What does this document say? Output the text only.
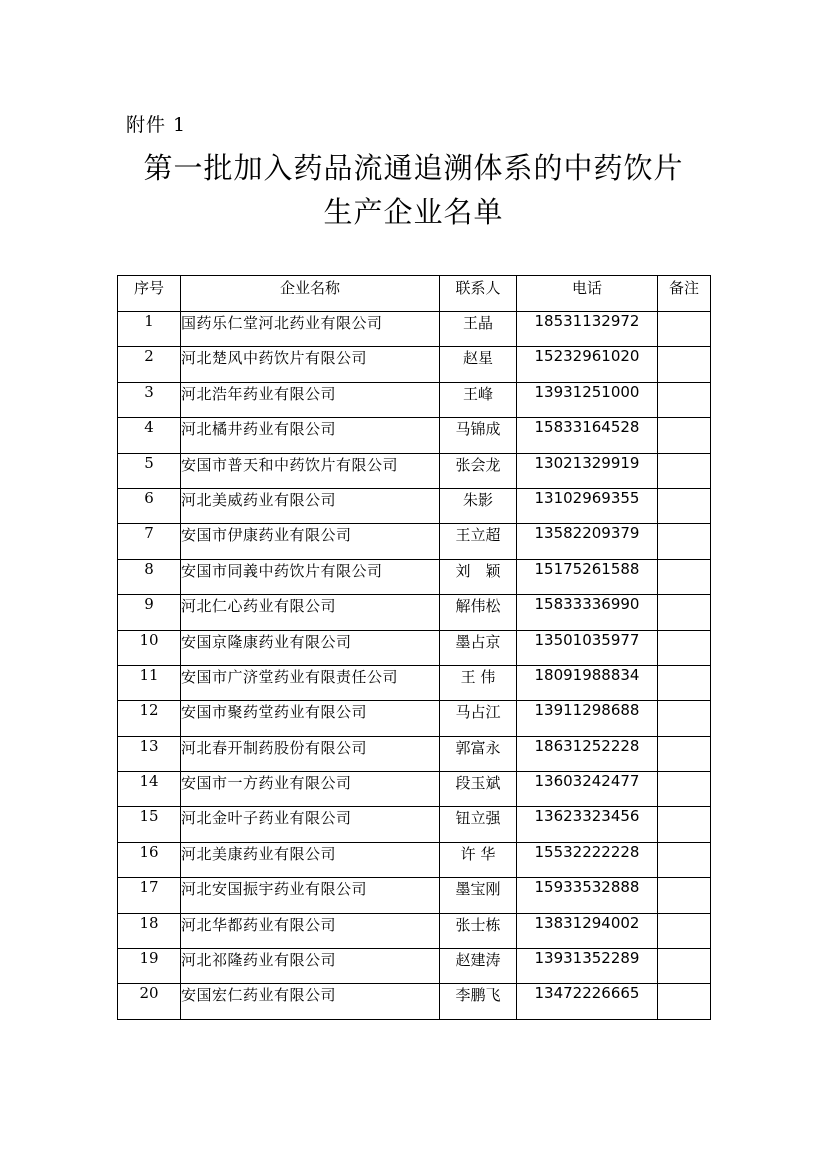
附件 1
第一批加入药品流通追溯体系的中药饮片
生产企业名单
序号	企业名称	联系人	电话	备注
1	国药乐仁堂河北药业有限公司	王晶	18531132972	
2	河北楚风中药饮片有限公司	赵星	15232961020	
3	河北浩年药业有限公司	王峰	13931251000	
4	河北橘井药业有限公司	马锦成	15833164528	
5	安国市普天和中药饮片有限公司	张会龙	13021329919	
6	河北美威药业有限公司	朱影	13102969355	
7	安国市伊康药业有限公司	王立超	13582209379	
8	安国市同義中药饮片有限公司	刘　颖	15175261588	
9	河北仁心药业有限公司	解伟松	15833336990	
10	安国京隆康药业有限公司	墨占京	13501035977	
11	安国市广济堂药业有限责任公司	王 伟	18091988834	
12	安国市聚药堂药业有限公司	马占江	13911298688	
13	河北春开制药股份有限公司	郭富永	18631252228	
14	安国市一方药业有限公司	段玉斌	13603242477	
15	河北金叶子药业有限公司	钮立强	13623323456	
16	河北美康药业有限公司	许 华	15532222228	
17	河北安国振宇药业有限公司	墨宝刚	15933532888	
18	河北华都药业有限公司	张士栋	13831294002	
19	河北祁隆药业有限公司	赵建涛	13931352289	
20	安国宏仁药业有限公司	李鹏飞	13472226665	
